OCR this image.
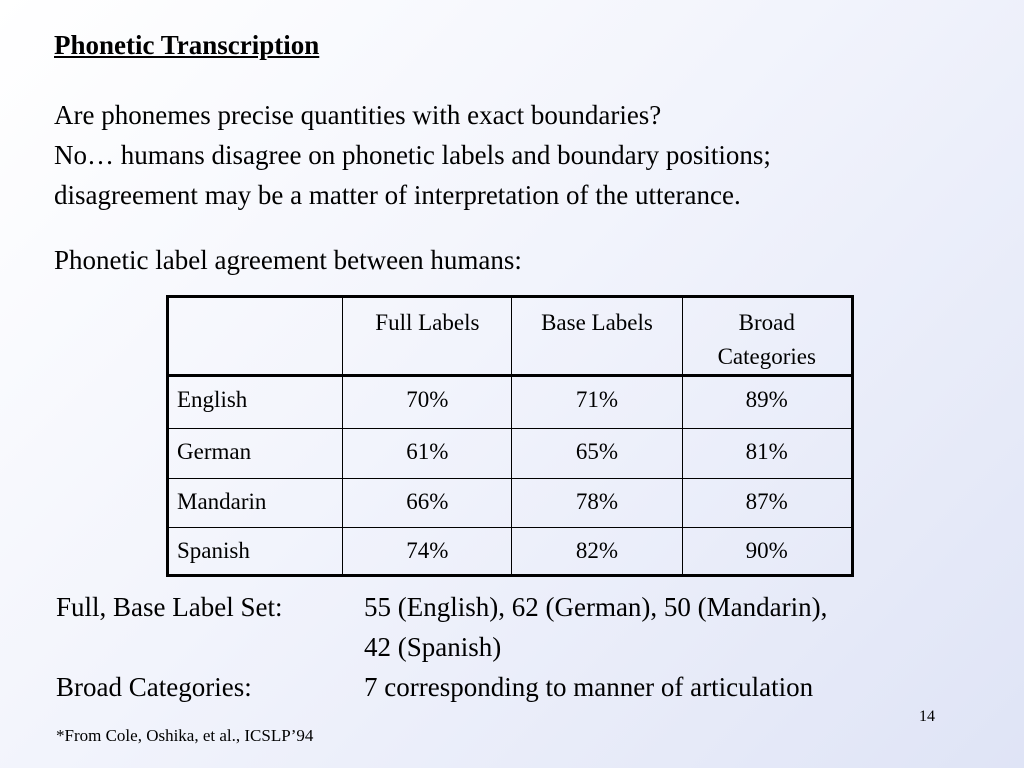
Phonetic Transcription
Are phonemes precise quantities with exact boundaries?
No… humans disagree on phonetic labels and boundary positions;
disagreement may be a matter of interpretation of the utterance.
Phonetic label agreement between humans:
	Full Labels	Base Labels	Broad Categories
English	70%	71%	89%
German	61%	65%	81%
Mandarin	66%	78%	87%
Spanish	74%	82%	90%
Full, Base Label Set:	55 (English), 62 (German), 50 (Mandarin),
42 (Spanish)
Broad Categories:	7 corresponding to manner of articulation
14
*From Cole, Oshika, et al., ICSLP’94
